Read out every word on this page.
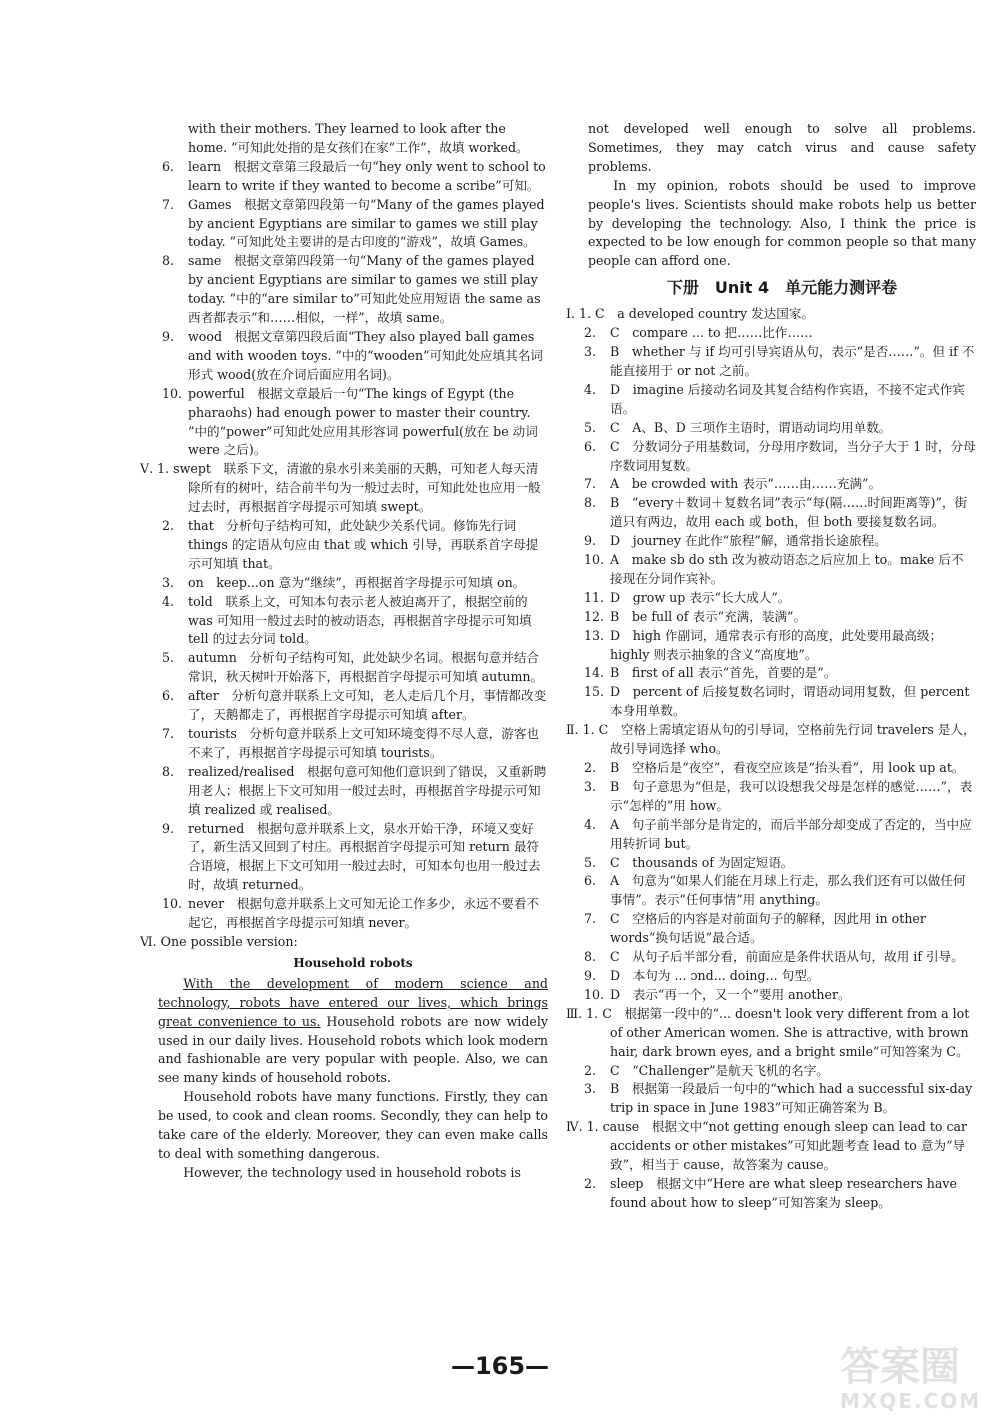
with their mothers. They learned to look after the home. ”可知此处指的是女孩们在家“工作”，故填 worked。

6. learn　根据文章第三段最后一句“hey only went to school to learn to write if they wanted to become a scribe”可知。

7. Games　根据文章第四段第一句“Many of the games played by ancient Egyptians are similar to games we still play today. ”可知此处主要讲的是古印度的“游戏”，故填 Games。

8. same　根据文章第四段第一句“Many of the games played by ancient Egyptians are similar to games we still play today. ”中的“are similar to”可知此处应用短语 the same as 西者都表示“和……相似，一样”，故填 same。

9. wood　根据文章第四段后面“They also played ball games and with wooden toys. ”中的“wooden”可知此处应填其名词形式 wood(放在介词后面应用名词)。

10. powerful　根据文章最后一句“The kings of Egypt (the pharaohs) had enough power to master their country. ”中的“power”可知此处应用其形容词 powerful(放在 be 动词 were 之后)。

Ⅴ. 1. swept　联系下文，清澈的泉水引来美丽的天鹅，可知老人每天清除所有的树叶，结合前半句为一般过去时，可知此处也应用一般过去时，再根据首字母提示可知填 swept。

2. that　分析句子结构可知，此处缺少关系代词。修饰先行词 things 的定语从句应由 that 或 which 引导，再联系首字母提示可知填 that。

3. on　keep...on 意为“继续”，再根据首字母提示可知填 on。

4. told　联系上文，可知本句表示老人被迫离开了，根据空前的 was 可知用一般过去时的被动语态，再根据首字母提示可知填 tell 的过去分词 told。

5. autumn　分析句子结构可知，此处缺少名词。根据句意并结合常识，秋天树叶开始落下，再根据首字母提示可知填 autumn。

6. after　分析句意并联系上文可知，老人走后几个月，事情都改变了，天鹅都走了，再根据首字母提示可知填 after。

7. tourists　分析句意并联系上文可知环境变得不尽人意，游客也不来了，再根据首字母提示可知填 tourists。

8. realized/realised　根据句意可知他们意识到了错误，又重新聘用老人；根据上下文可知用一般过去时，再根据首字母提示可知填 realized 或 realised。

9. returned　根据句意并联系上文，泉水开始干净，环境又变好了，新生活又回到了村庄。再根据首字母提示可知 return 最符合语境，根据上下文可知用一般过去时，可知本句也用一般过去时，故填 returned。

10. never　根据句意并联系上文可知无论工作多少，永远不要看不起它，再根据首字母提示可知填 never。

Ⅵ. One possible version:

Household robots

With the development of modern science and technology, robots have entered our lives, which brings great convenience to us. Household robots are now widely used in our daily lives. Household robots which look modern and fashionable are very popular with people. Also, we can see many kinds of household robots.

Household robots have many functions. Firstly, they can be used, to cook and clean rooms. Secondly, they can help to take care of the elderly. Moreover, they can even make calls to deal with something dangerous.

However, the technology used in household robots is

not developed well enough to solve all problems. Sometimes, they may catch virus and cause safety problems.

In my opinion, robots should be used to improve people's lives. Scientists should make robots help us better by developing the technology. Also, I think the price is expected to be low enough for common people so that many people can afford one.

下册　Unit 4　单元能力测评卷

Ⅰ. 1. C　a developed country 发达国家。

2. C　compare ... to 把……比作……

3. B　whether 与 if 均可引导宾语从句，表示“是否……”。但 if 不能直接用于 or not 之前。

4. D　imagine 后接动名词及其复合结构作宾语，不接不定式作宾语。

5. C　A、B、D 三项作主语时，谓语动词均用单数。

6. C　分数词分子用基数词，分母用序数词，当分子大于 1 时，分母序数词用复数。

7. A　be crowded with 表示“……由……充满”。

8. B　“every＋数词＋复数名词”表示“每(隔……时间距离等)”，街道只有两边，故用 each 或 both，但 both 要接复数名词。

9. D　journey 在此作“旅程”解，通常指长途旅程。

10. A　make sb do sth 改为被动语态之后应加上 to。make 后不接现在分词作宾补。

11. D　grow up 表示“长大成人”。

12. B　be full of 表示“充满，装满”。

13. D　high 作副词，通常表示有形的高度，此处要用最高级；highly 则表示抽象的含义“高度地”。

14. B　first of all 表示“首先，首要的是”。

15. D　percent of 后接复数名词时，谓语动词用复数，但 percent 本身用单数。

Ⅱ. 1. C　空格上需填定语从句的引导词，空格前先行词 travelers 是人，故引导词选择 who。

2. B　空格后是“夜空”，看夜空应该是“抬头看”，用 look up at。

3. B　句子意思为“但是，我可以设想我父母是怎样的感觉……”，表示“怎样的”用 how。

4. A　句子前半部分是肯定的，而后半部分却变成了否定的，当中应用转折词 but。

5. C　thousands of 为固定短语。

6. A　句意为“如果人们能在月球上行走，那么我们还有可以做任何事情”。表示“任何事情”用 anything。

7. C　空格后的内容是对前面句子的解释，因此用 in other words“换句话说”最合适。

8. C　从句子后半部分看，前面应是条件状语从句，故用 if 引导。

9. D　本句为 ... ɔnd... doing... 句型。

10. D　表示“再一个，又一个”要用 another。

Ⅲ. 1. C　根据第一段中的“... doesn't look very different from a lot of other American women. She is attractive, with brown hair, dark brown eyes, and a bright smile”可知答案为 C。

2. C　“Challenger”是航天飞机的名字。

3. B　根据第一段最后一句中的“which had a successful six-day trip in space in June 1983”可知正确答案为 B。

Ⅳ. 1. cause　根据文中“not getting enough sleep can lead to car accidents or other mistakes”可知此题考查 lead to 意为“导致”，相当于 cause，故答案为 cause。

2. sleep　根据文中“Here are what sleep researchers have found about how to sleep”可知答案为 sleep。

—165—	答案圈
MXQE.COM
